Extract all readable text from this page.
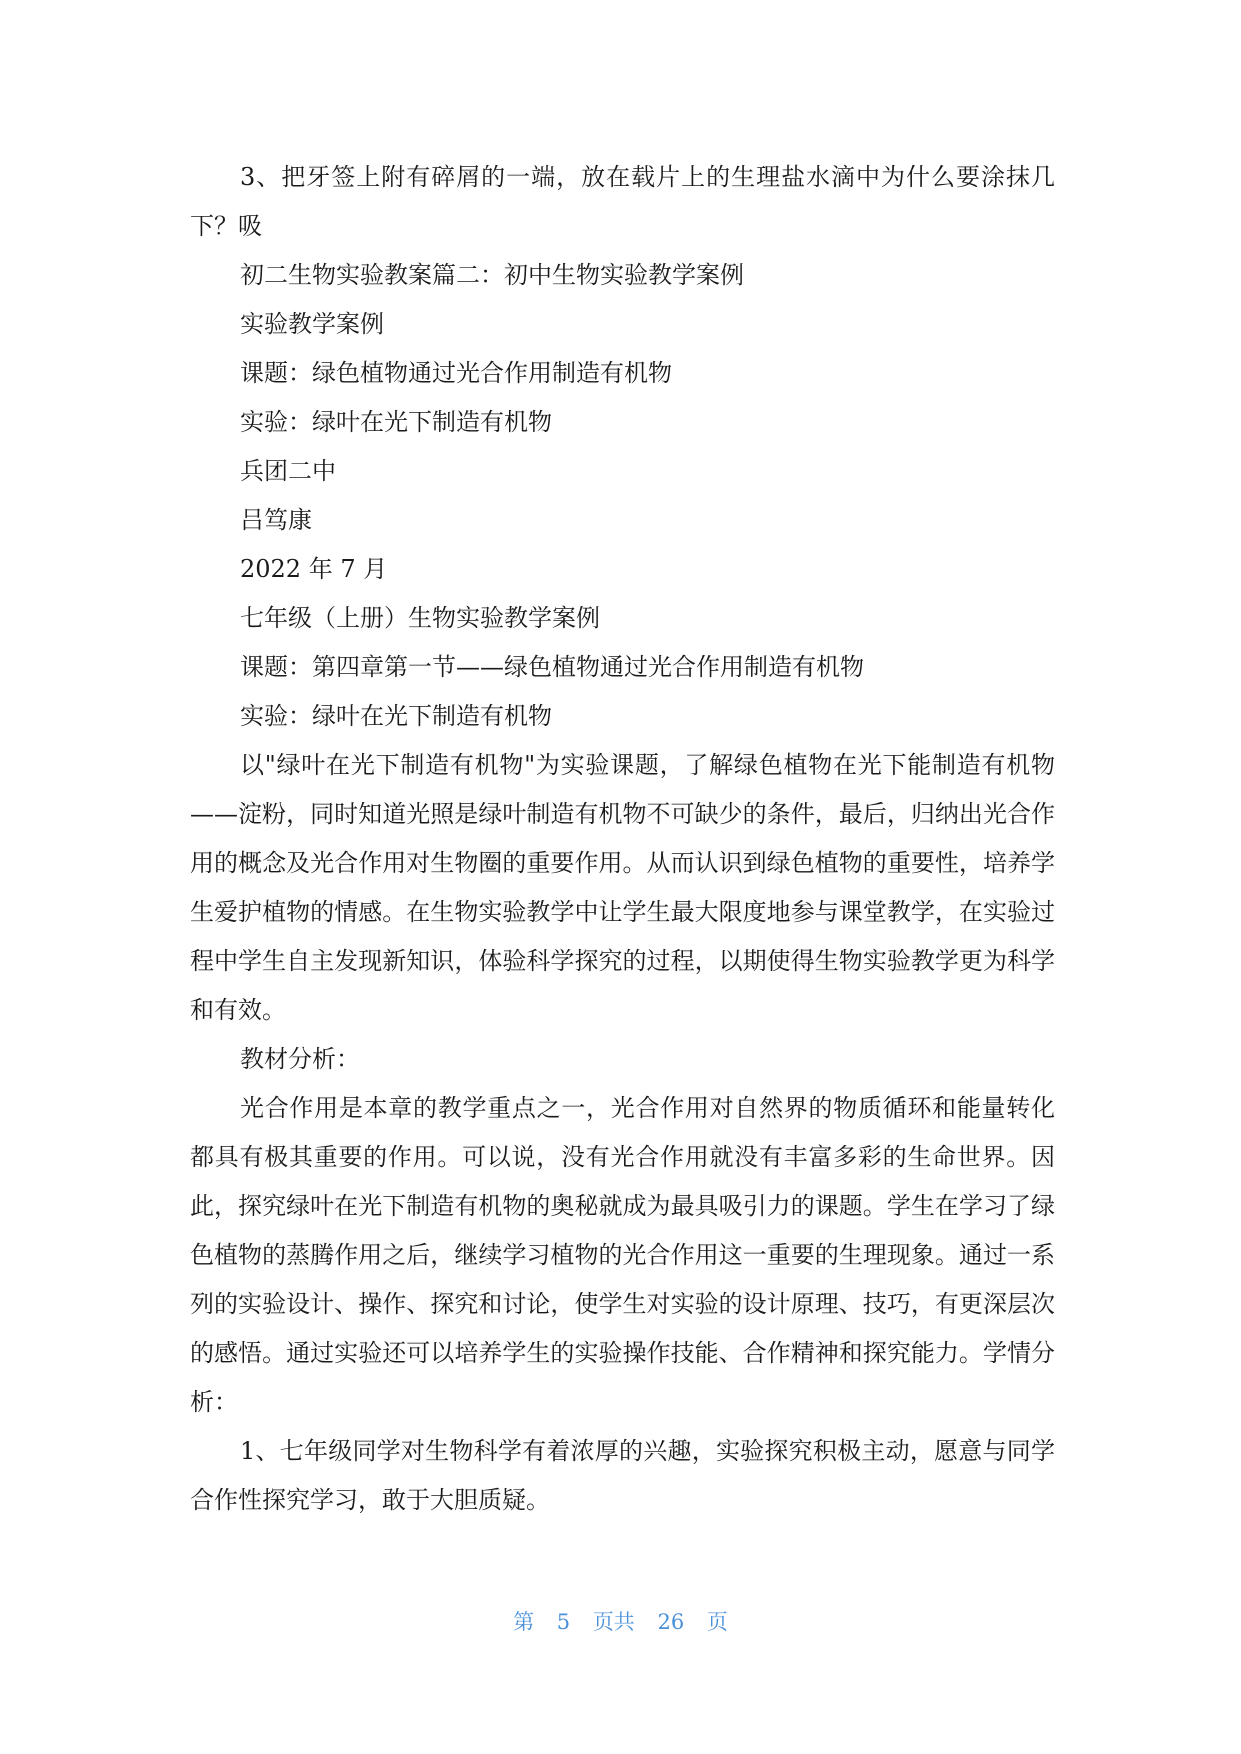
3、把牙签上附有碎屑的一端，放在载片上的生理盐水滴中为什么要涂抹几下？吸

初二生物实验教案篇二：初中生物实验教学案例

实验教学案例

课题：绿色植物通过光合作用制造有机物

实验：绿叶在光下制造有机物

兵团二中

吕笃康

2022 年 7 月

七年级（上册）生物实验教学案例

课题：第四章第一节——绿色植物通过光合作用制造有机物

实验：绿叶在光下制造有机物

以"绿叶在光下制造有机物"为实验课题，了解绿色植物在光下能制造有机物——淀粉，同时知道光照是绿叶制造有机物不可缺少的条件，最后，归纳出光合作用的概念及光合作用对生物圈的重要作用。从而认识到绿色植物的重要性，培养学生爱护植物的情感。在生物实验教学中让学生最大限度地参与课堂教学，在实验过程中学生自主发现新知识，体验科学探究的过程，以期使得生物实验教学更为科学和有效。

教材分析：

光合作用是本章的教学重点之一，光合作用对自然界的物质循环和能量转化都具有极其重要的作用。可以说，没有光合作用就没有丰富多彩的生命世界。因此，探究绿叶在光下制造有机物的奥秘就成为最具吸引力的课题。学生在学习了绿色植物的蒸腾作用之后，继续学习植物的光合作用这一重要的生理现象。通过一系列的实验设计、操作、探究和讨论，使学生对实验的设计原理、技巧，有更深层次的感悟。通过实验还可以培养学生的实验操作技能、合作精神和探究能力。学情分析：

1、七年级同学对生物科学有着浓厚的兴趣，实验探究积极主动，愿意与同学合作性探究学习，敢于大胆质疑。

第 5 页共 26 页
